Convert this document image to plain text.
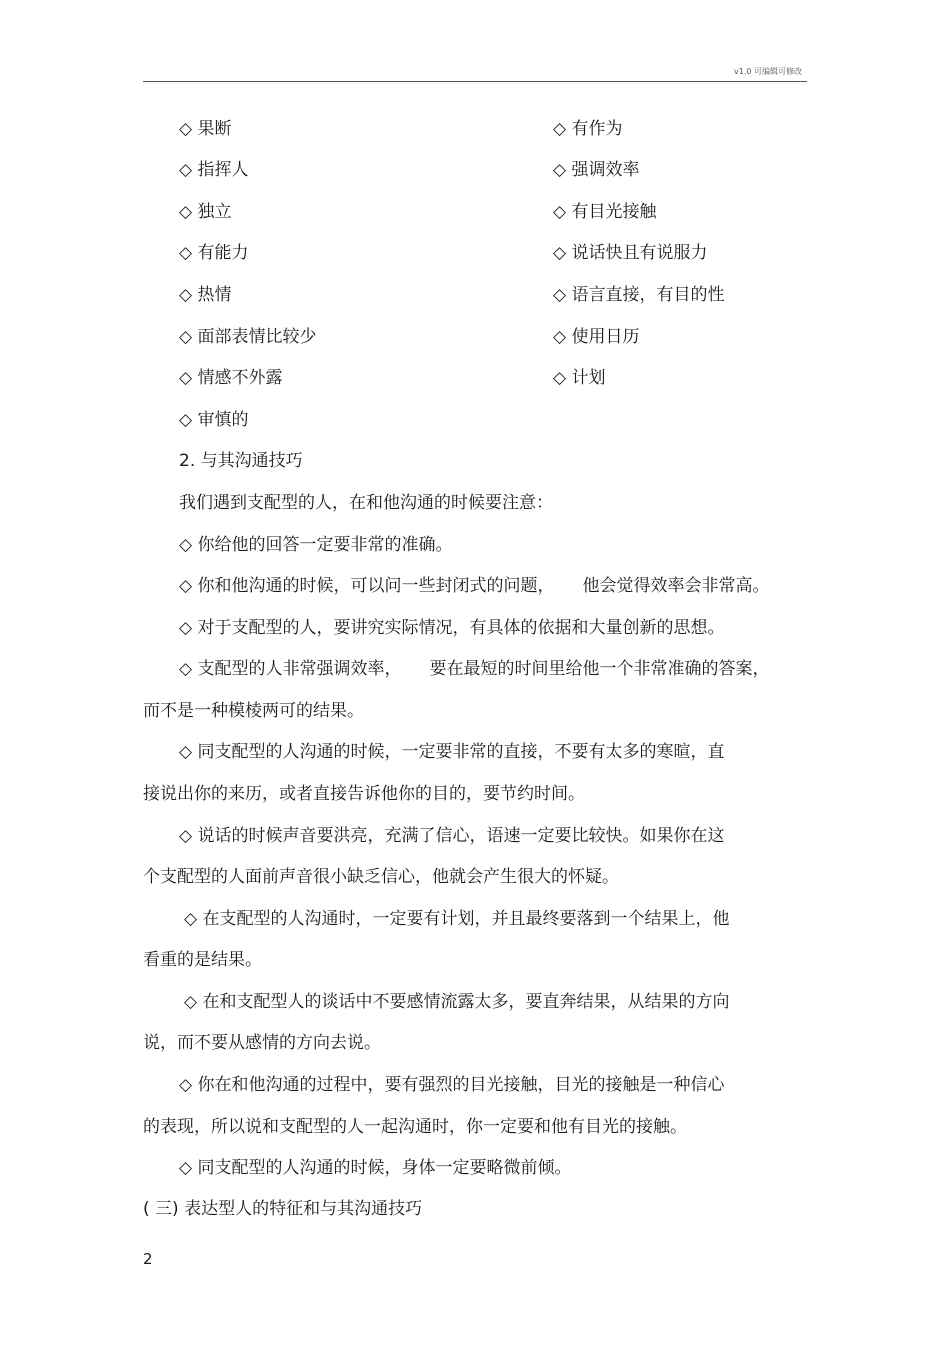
v1.0 可编辑可修改
◇ 果断
◇ 指挥人
◇ 独立
◇ 有能力
◇ 热情
◇ 面部表情比较少
◇ 情感不外露
◇ 审慎的
◇ 有作为
◇ 强调效率
◇ 有目光接触
◇ 说话快且有说服力
◇ 语言直接，有目的性
◇ 使用日历
◇ 计划
2. 与其沟通技巧
我们遇到支配型的人，在和他沟通的时候要注意：
◇ 你给他的回答一定要非常的准确。
◇ 你和他沟通的时候，可以问一些封闭式的问题， 他会觉得效率会非常高。
◇ 对于支配型的人，要讲究实际情况，有具体的依据和大量创新的思想。
◇ 支配型的人非常强调效率， 要在最短的时间里给他一个非常准确的答案，
而不是一种模棱两可的结果。
◇ 同支配型的人沟通的时候，一定要非常的直接，不要有太多的寒暄，直
接说出你的来历，或者直接告诉他你的目的，要节约时间。
◇ 说话的时候声音要洪亮，充满了信心，语速一定要比较快。如果你在这
个支配型的人面前声音很小缺乏信心，他就会产生很大的怀疑。
◇ 在支配型的人沟通时，一定要有计划，并且最终要落到一个结果上，他
看重的是结果。
◇ 在和支配型人的谈话中不要感情流露太多，要直奔结果，从结果的方向
说，而不要从感情的方向去说。
◇ 你在和他沟通的过程中，要有强烈的目光接触，目光的接触是一种信心
的表现，所以说和支配型的人一起沟通时，你一定要和他有目光的接触。
◇ 同支配型的人沟通的时候，身体一定要略微前倾。
( 三) 表达型人的特征和与其沟通技巧
2
